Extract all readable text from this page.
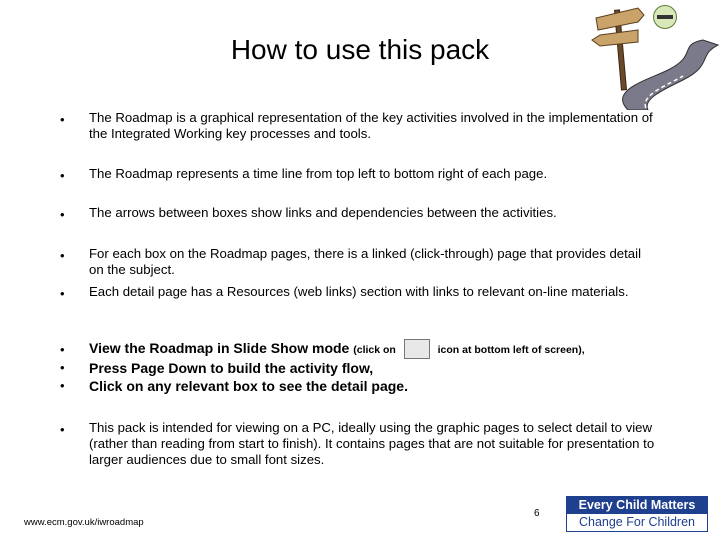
How to use this pack
• The Roadmap is a graphical representation of the key activities involved in the implementation of the Integrated Working key processes and tools.
• The Roadmap represents a time line from top left to bottom right of each page.
• The arrows between boxes show links and dependencies between the activities.
• For each box on the Roadmap pages, there is a linked (click-through) page that provides detail on the subject.
• Each detail page has a Resources (web links) section with links to relevant on-line materials.
•
•
•
View the Roadmap in Slide Show mode (click on	icon at bottom left of screen),
Press Page Down to build the activity flow,
Click on any relevant box to see the detail page.
• This pack is intended for viewing on a PC, ideally using the graphic pages to select detail to view (rather than reading from start to finish). It contains pages that are not suitable for presentation to larger audiences due to small font sizes.
www.ecm.gov.uk/iwroadmap
6
Every Child Matters
Change For Children
